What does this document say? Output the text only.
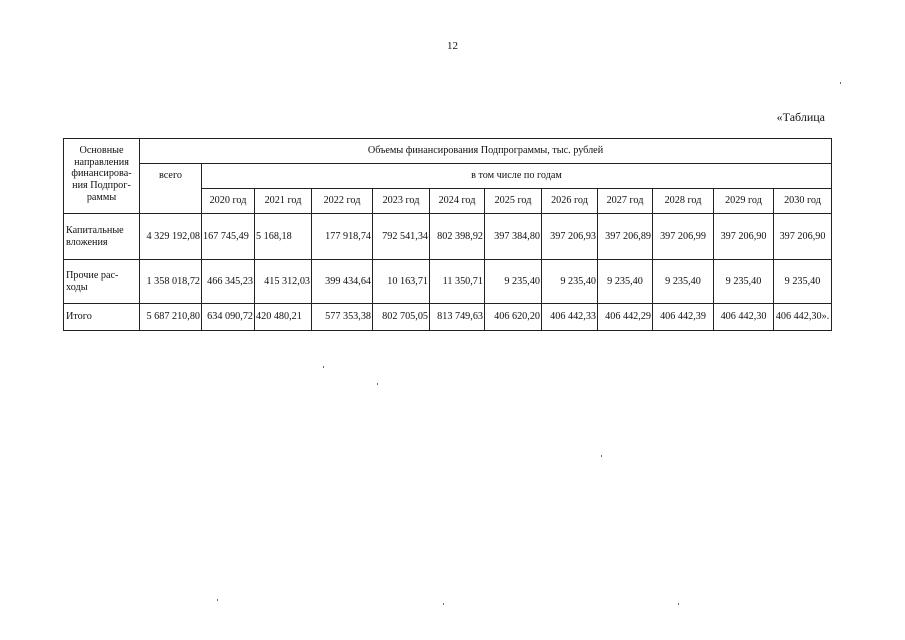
12
«Таблица
Основные направления финансирова-ния Подпрог-раммы	Объемы финансирования Подпрограммы, тыс. рублей											
	всего	в том числе по годам										
		2020 год	2021 год	2022 год	2023 год	2024 год	2025 год	2026 год	2027 год	2028 год	2029 год	2030 год
Капитальные вложения	4 329 192,08	167 745,49	5 168,18	177 918,74	792 541,34	802 398,92	397 384,80	397 206,93	397 206,89	397 206,99	397 206,90	397 206,90
Прочие рас-ходы	1 358 018,72	466 345,23	415 312,03	399 434,64	10 163,71	11 350,71	9 235,40	9 235,40	9 235,40	9 235,40	9 235,40	9 235,40
Итого	5 687 210,80	634 090,72	420 480,21	577 353,38	802 705,05	813 749,63	406 620,20	406 442,33	406 442,29	406 442,39	406 442,30	406 442,30».
